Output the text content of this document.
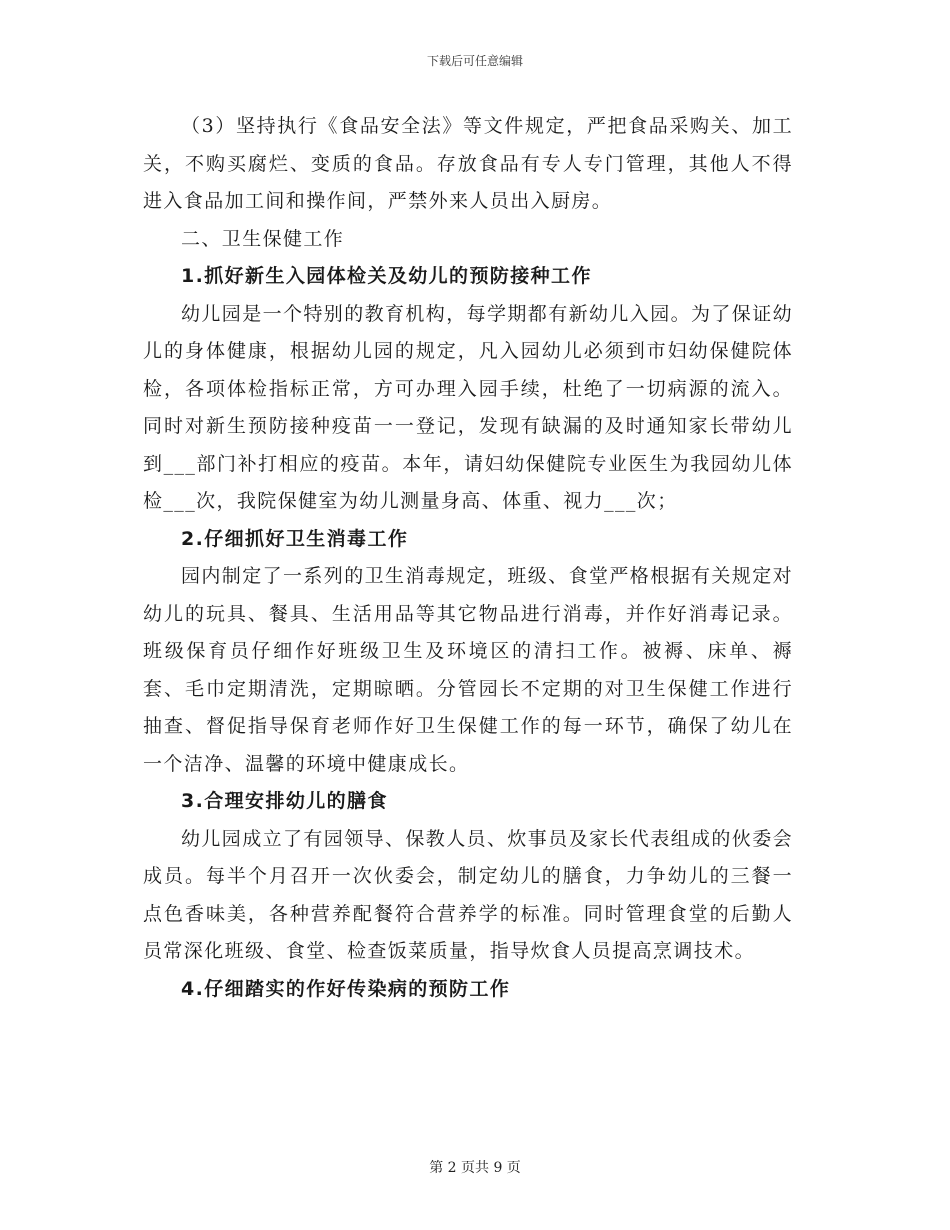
下载后可任意编辑

（3）坚持执行《食品安全法》等文件规定，严把食品采购关、加工关，不购买腐烂、变质的食品。存放食品有专人专门管理，其他人不得进入食品加工间和操作间，严禁外来人员出入厨房。

二、卫生保健工作

1.抓好新生入园体检关及幼儿的预防接种工作

幼儿园是一个特别的教育机构，每学期都有新幼儿入园。为了保证幼儿的身体健康，根据幼儿园的规定，凡入园幼儿必须到市妇幼保健院体检，各项体检指标正常，方可办理入园手续，杜绝了一切病源的流入。同时对新生预防接种疫苗一一登记，发现有缺漏的及时通知家长带幼儿到___部门补打相应的疫苗。本年，请妇幼保健院专业医生为我园幼儿体检___次，我院保健室为幼儿测量身高、体重、视力___次；

2.仔细抓好卫生消毒工作

园内制定了一系列的卫生消毒规定，班级、食堂严格根据有关规定对幼儿的玩具、餐具、生活用品等其它物品进行消毒，并作好消毒记录。班级保育员仔细作好班级卫生及环境区的清扫工作。被褥、床单、褥套、毛巾定期清洗，定期晾晒。分管园长不定期的对卫生保健工作进行抽查、督促指导保育老师作好卫生保健工作的每一环节，确保了幼儿在一个洁净、温馨的环境中健康成长。

3.合理安排幼儿的膳食

幼儿园成立了有园领导、保教人员、炊事员及家长代表组成的伙委会成员。每半个月召开一次伙委会，制定幼儿的膳食，力争幼儿的三餐一点色香味美，各种营养配餐符合营养学的标准。同时管理食堂的后勤人员常深化班级、食堂、检查饭菜质量，指导炊食人员提高烹调技术。

4.仔细踏实的作好传染病的预防工作

第 2 页共 9 页
